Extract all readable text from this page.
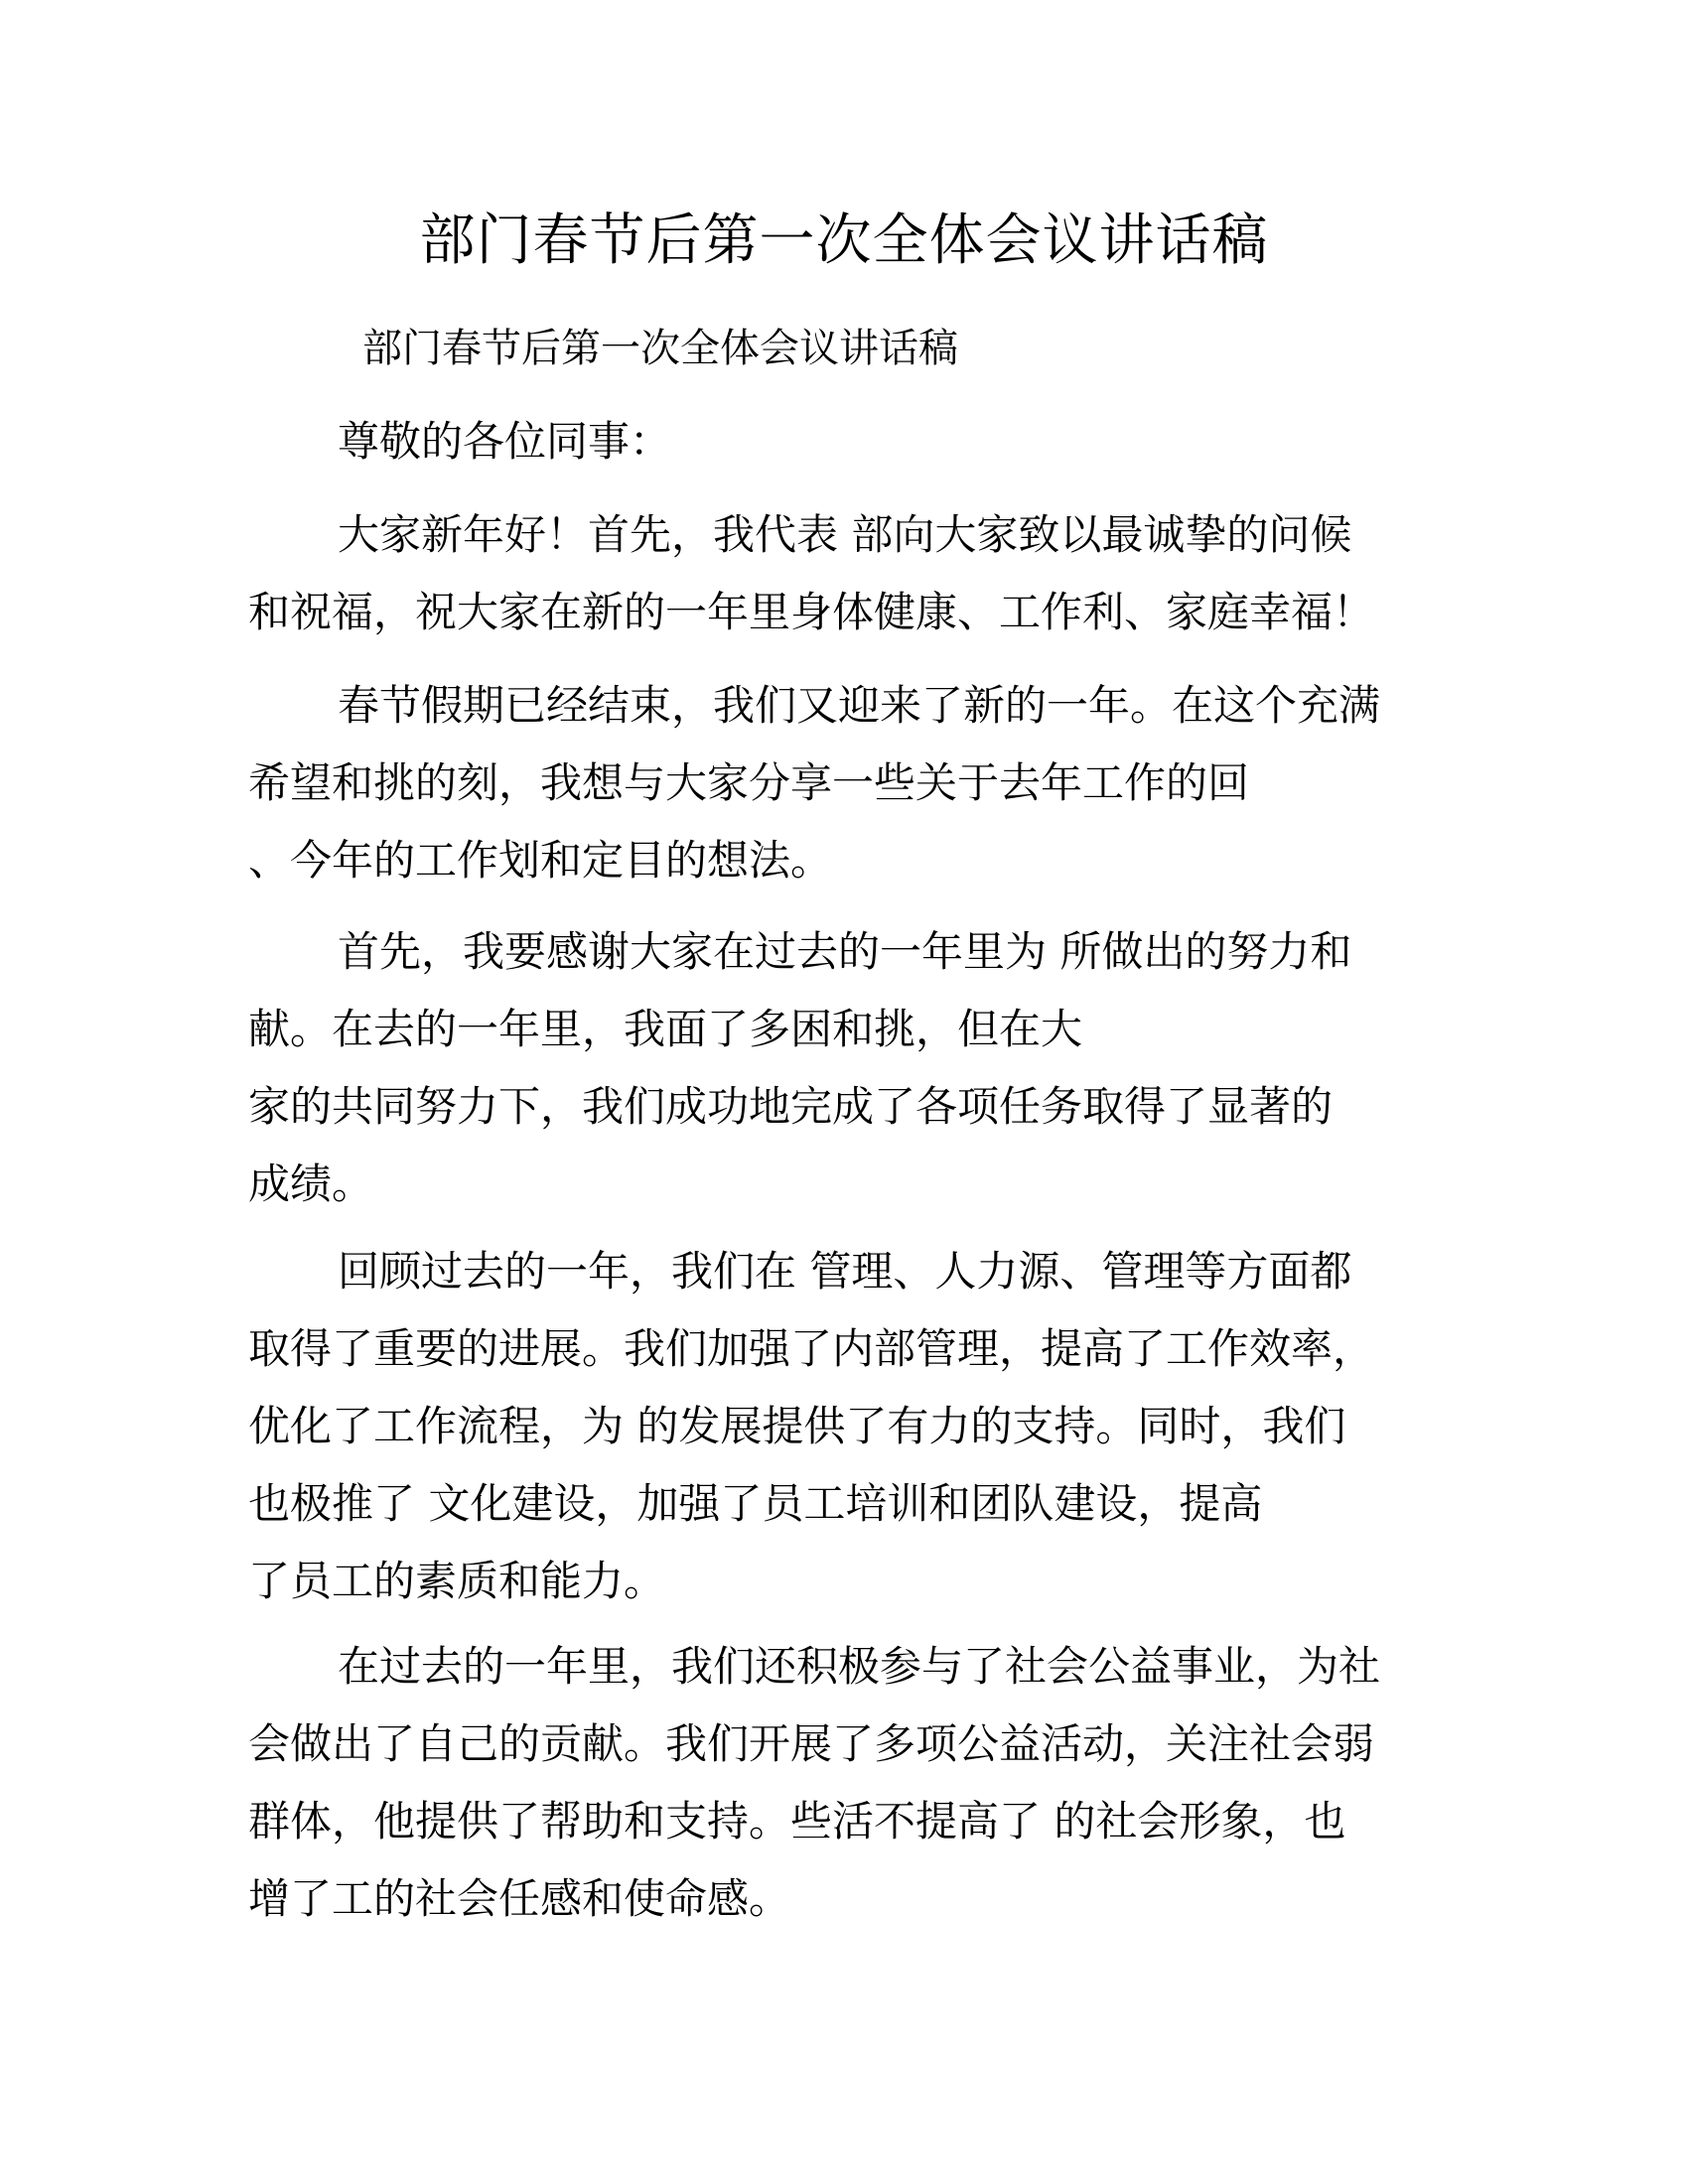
部门春节后第一次全体会议讲话稿
部门春节后第一次全体会议讲话稿
尊敬的各位同事：
大家新年好！首先，我代表 部向大家致以最诚挚的问候
和祝福，祝大家在新的一年里身体健康、工作利、家庭幸福！
春节假期已经结束，我们又迎来了新的一年。在这个充满
希望和挑的刻，我想与大家分享一些关于去年工作的回
、今年的工作划和定目的想法。
首先，我要感谢大家在过去的一年里为 所做出的努力和
献。在去的一年里，我面了多困和挑，但在大
家的共同努力下，我们成功地完成了各项任务取得了显著的
成绩。
回顾过去的一年，我们在 管理、人力源、管理等方面都
取得了重要的进展。我们加强了内部管理，提高了工作效率，
优化了工作流程，为 的发展提供了有力的支持。同时，我们
也极推了 文化建设，加强了员工培训和团队建设，提高
了员工的素质和能力。
在过去的一年里，我们还积极参与了社会公益事业，为社
会做出了自己的贡献。我们开展了多项公益活动，关注社会弱
群体，他提供了帮助和支持。些活不提高了 的社会形象，也
增了工的社会任感和使命感。
